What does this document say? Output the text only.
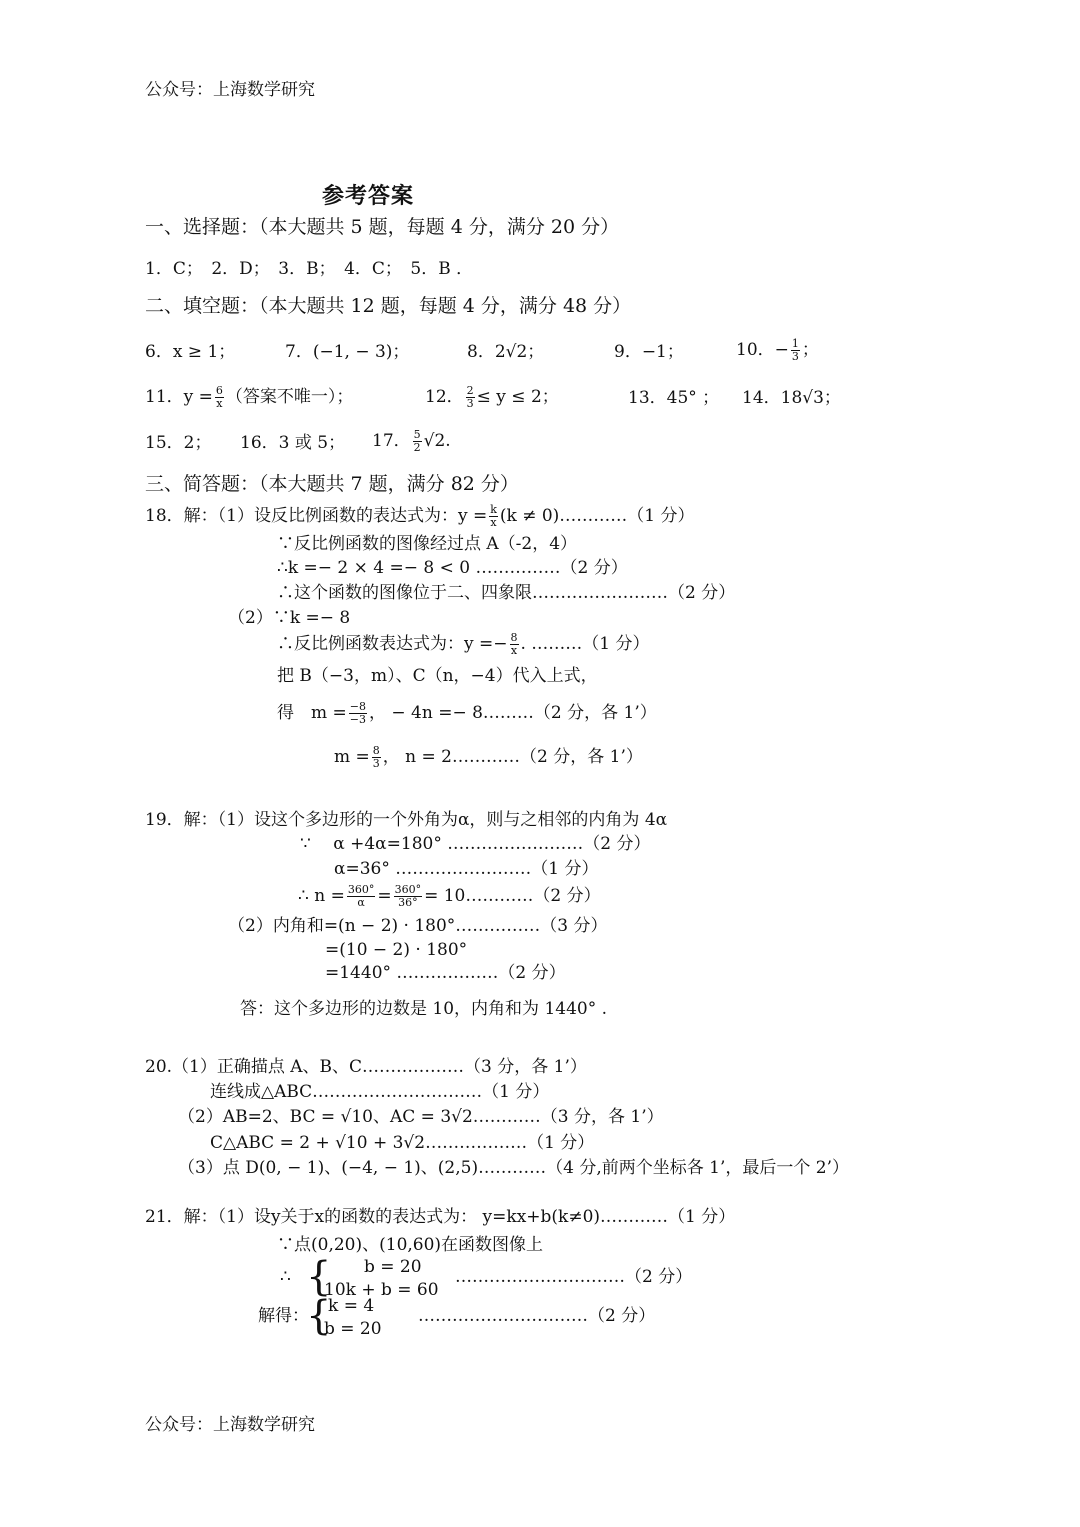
公众号：上海数学研究
参考答案
一、选择题：（本大题共 5 题，每题 4 分，满分 20 分）
1．C；　2．D；　3．B；　4．C；　5．B ．
二、填空题：（本大题共 12 题，每题 4 分，满分 48 分）
6．x ≥ 1；	7．(−1, − 3)；	8．2√2；	9．−1；	10．− $\frac{1}{3}$ ；
11．$y = \frac{6}{x}$ （答案不唯一）；	12． $\frac{2}{3} \le y \le 2$；	13．45° ； 14．18√3；
15．2； 16．3 或 5； 17． $\frac{5}{2} √2$.
三、简答题：（本大题共 7 题，满分 82 分）
18．解：（1）设反比例函数的表达式为：$y = \frac{k}{x} (k$ ≠ 0)…………（1 分）
∵反比例函数的图像经过点 A（-2，4）
∴k =− 2 × 4 =− 8 < 0 ……………（2 分）
∴这个函数的图像位于二、四象限……………………（2 分）
（2）∵k =− 8
∴反比例函数表达式为：$y =- \frac{8}{x}$ . ………（1 分）
把 B（−3，m）、C（n，−4）代入上式，
得　$m = \frac{-8}{-3}$ ， − 4n =− 8………（2 分，各 1’）
$m = \frac{8}{3}$ ， n = 2…………（2 分，各 1’）
19．解：（1）设这个多边形的一个外角为α，则与之相邻的内角为 4α
∵　 α +4α=180° ……………………（2 分）
α=36° ……………………（1 分）
∴ $n = \frac{360^\circ}{\alpha} = \frac{360^\circ}{36^\circ}$ = 10…………（2 分）
（2）内角和=(n − 2) · 180°……………（3 分）
=(10 − 2) · 180°
=1440° ………………（2 分）
答：这个多边形的边数是 10，内角和为 1440° .
20.（1）正确描点 A、B、C………………（3 分，各 1’）
连线成△ABC…………………………（1 分）
（2）AB=2、BC = √10、AC = 3√2…………（3 分，各 1’）
C△ABC = 2 + √10 + 3√2………………（1 分）
（3）点 D(0, − 1)、(−4, − 1)、(2,5)…………（4 分,前两个坐标各 1’，最后一个 2’）
21．解：（1）设y关于x的函数的表达式为： y=kx+b(k≠0)…………（1 分）
∵点(0,20)、(10,60)在函数图像上
∴ { b = 20
10k + b = 60
…………………………（2 分）
解得：
{
k = 4
b = 20
…………………………（2 分）
公众号：上海数学研究
